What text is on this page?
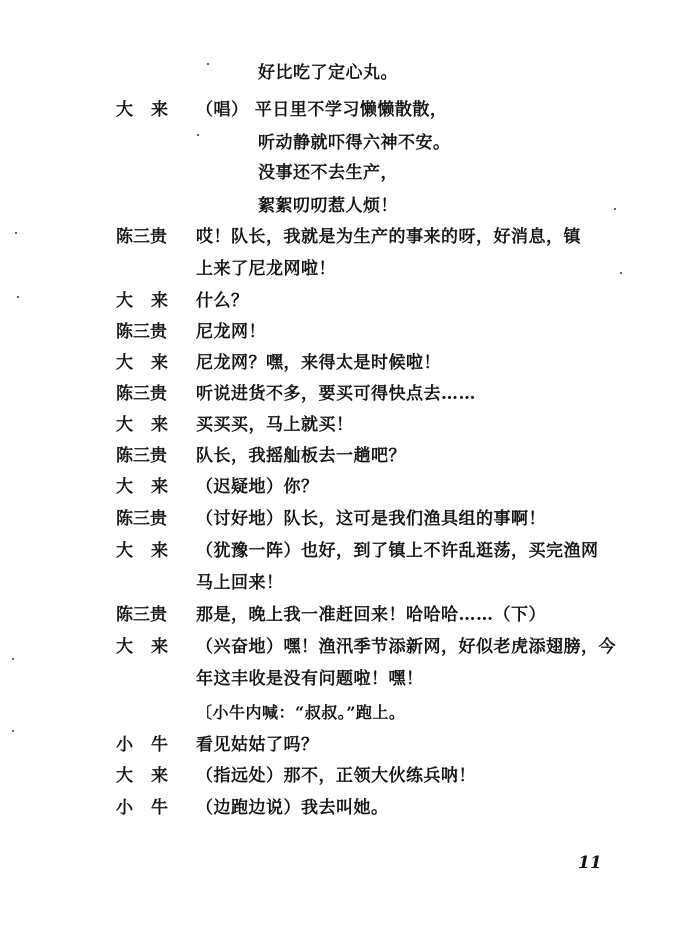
好比吃了定心丸。
大来 （唱） 平日里不学习懒懒散散，
听动静就吓得六神不安。
没事还不去生产，
絮絮叨叨惹人烦！
陈三贵 哎！队长，我就是为生产的事来的呀，好消息，镇
上来了尼龙网啦！
大来 什么？
陈三贵 尼龙网！
大来 尼龙网？嘿，来得太是时候啦！
陈三贵 听说进货不多，要买可得快点去……
大来 买买买，马上就买！
陈三贵 队长，我摇舢板去一趟吧？
大来 （迟疑地）你？
陈三贵 （讨好地）队长，这可是我们渔具组的事啊！
大来 （犹豫一阵）也好，到了镇上不许乱逛荡，买完渔网
马上回来！
陈三贵 那是，晚上我一准赶回来！哈哈哈……（下）
大来 （兴奋地）嘿！渔汛季节添新网，好似老虎添翅膀，今
年这丰收是没有问题啦！嘿！
〔小牛内喊：“叔叔。”跑上。
小牛 看见姑姑了吗？
大来 （指远处）那不，正领大伙练兵呐！
小牛 （边跑边说）我去叫她。
11
